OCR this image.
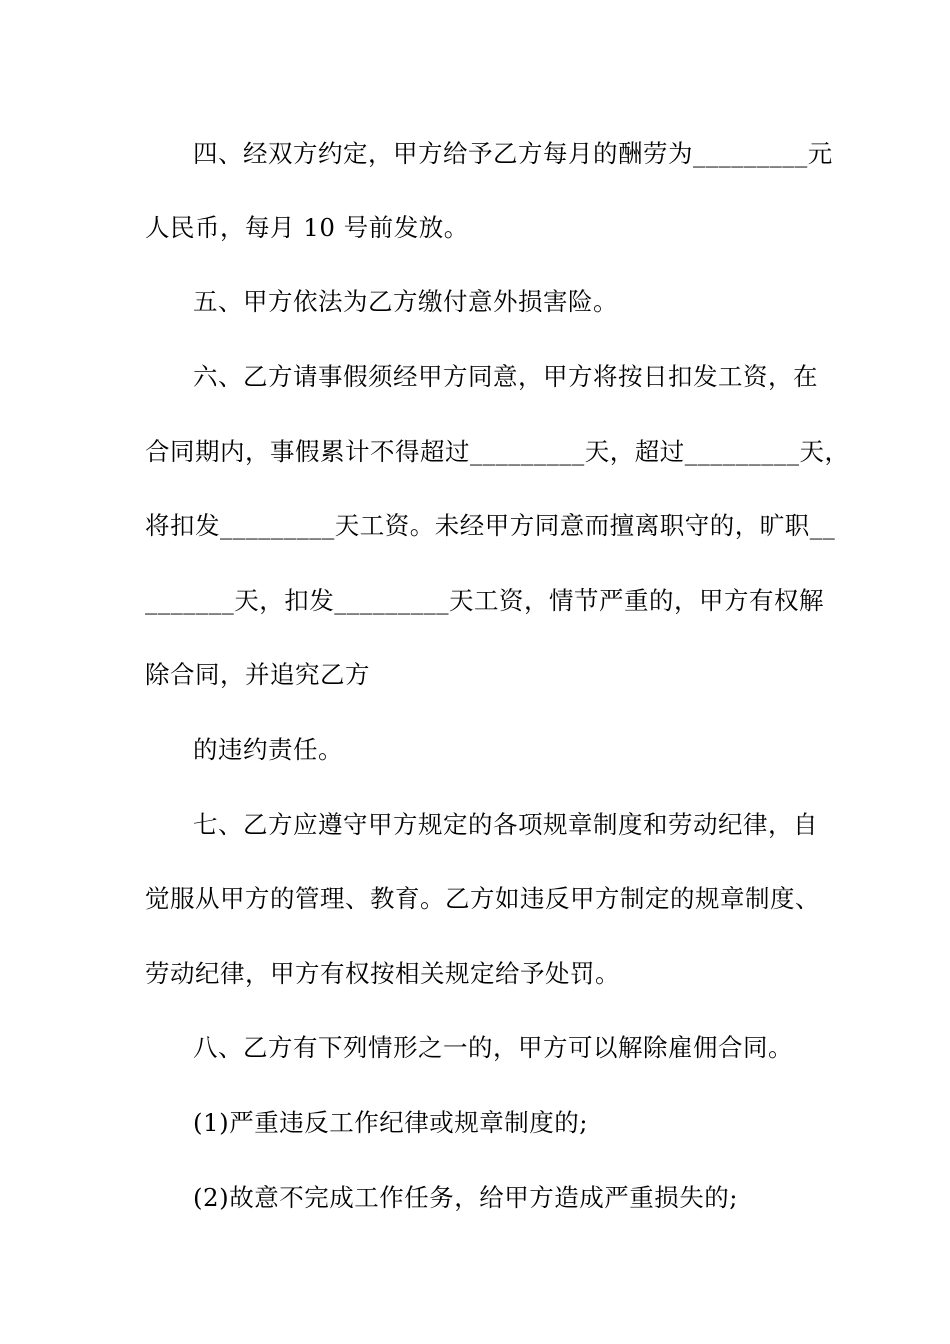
四、经双方约定，甲方给予乙方每月的酬劳为_________元
人民币，每月 10 号前发放。
五、甲方依法为乙方缴付意外损害险。
六、乙方请事假须经甲方同意，甲方将按日扣发工资，在
合同期内，事假累计不得超过_________天，超过_________天，
将扣发_________天工资。未经甲方同意而擅离职守的，旷职__
_______天，扣发_________天工资，情节严重的，甲方有权解
除合同，并追究乙方
的违约责任。
七、乙方应遵守甲方规定的各项规章制度和劳动纪律，自
觉服从甲方的管理、教育。乙方如违反甲方制定的规章制度、
劳动纪律，甲方有权按相关规定给予处罚。
八、乙方有下列情形之一的，甲方可以解除雇佣合同。
(1)严重违反工作纪律或规章制度的;
(2)故意不完成工作任务，给甲方造成严重损失的;
